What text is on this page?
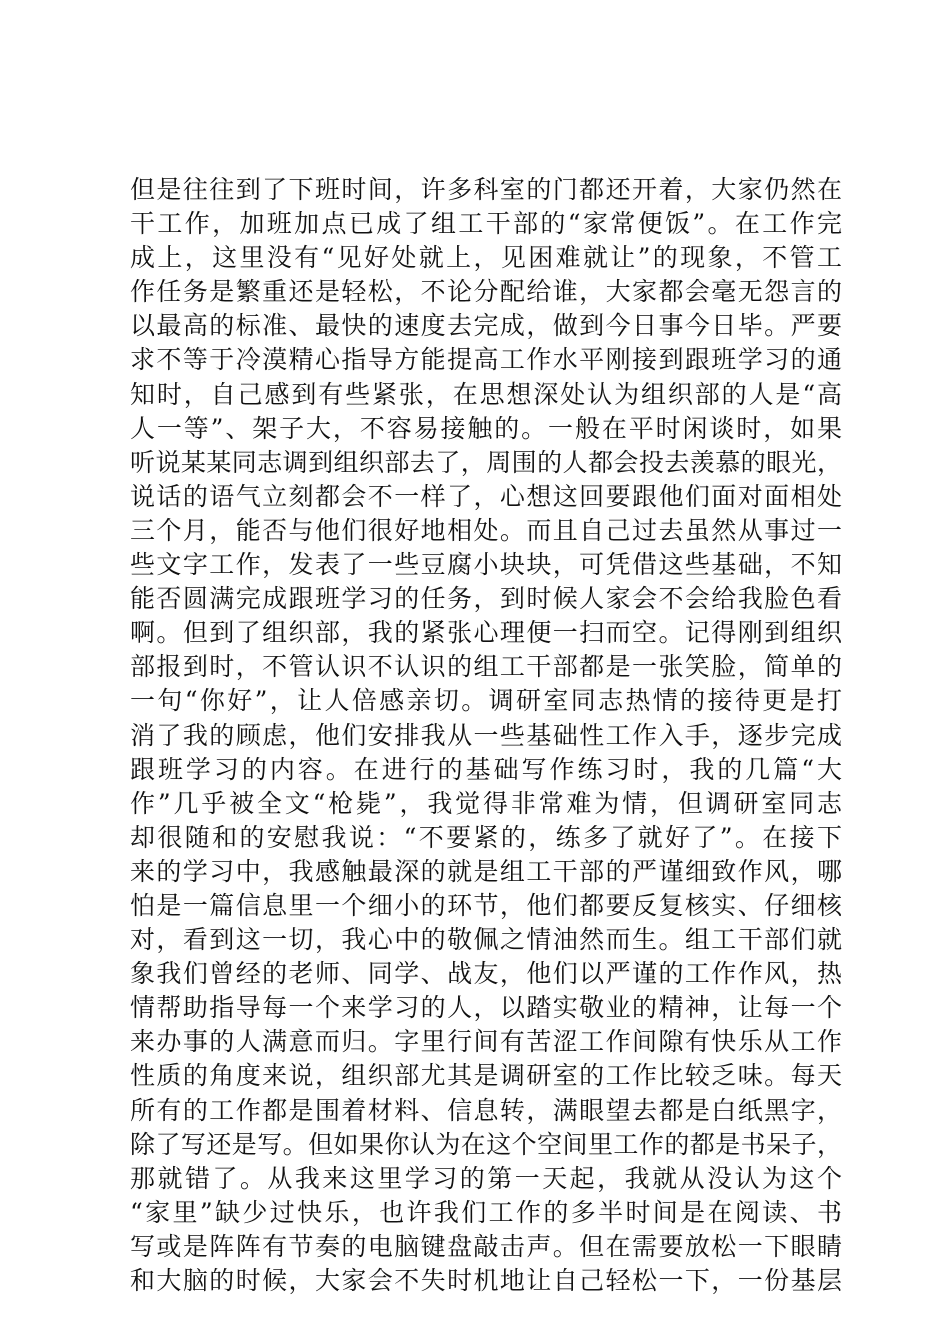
但是往往到了下班时间，许多科室的门都还开着，大家仍然在
干工作，加班加点已成了组工干部的“家常便饭”。在工作完
成上，这里没有“见好处就上，见困难就让”的现象，不管工
作任务是繁重还是轻松，不论分配给谁，大家都会毫无怨言的
以最高的标准、最快的速度去完成，做到今日事今日毕。严要
求不等于冷漠精心指导方能提高工作水平刚接到跟班学习的通
知时，自己感到有些紧张，在思想深处认为组织部的人是“高
人一等”、架子大，不容易接触的。一般在平时闲谈时，如果
听说某某同志调到组织部去了，周围的人都会投去羡慕的眼光，
说话的语气立刻都会不一样了，心想这回要跟他们面对面相处
三个月，能否与他们很好地相处。而且自己过去虽然从事过一
些文字工作，发表了一些豆腐小块块，可凭借这些基础，不知
能否圆满完成跟班学习的任务，到时候人家会不会给我脸色看
啊。但到了组织部，我的紧张心理便一扫而空。记得刚到组织
部报到时，不管认识不认识的组工干部都是一张笑脸，简单的
一句“你好”，让人倍感亲切。调研室同志热情的接待更是打
消了我的顾虑，他们安排我从一些基础性工作入手，逐步完成
跟班学习的内容。在进行的基础写作练习时，我的几篇“大
作”几乎被全文“枪毙”，我觉得非常难为情，但调研室同志
却很随和的安慰我说：“不要紧的，练多了就好了”。在接下
来的学习中，我感触最深的就是组工干部的严谨细致作风，哪
怕是一篇信息里一个细小的环节，他们都要反复核实、仔细核
对，看到这一切，我心中的敬佩之情油然而生。组工干部们就
象我们曾经的老师、同学、战友，他们以严谨的工作作风，热
情帮助指导每一个来学习的人，以踏实敬业的精神，让每一个
来办事的人满意而归。字里行间有苦涩工作间隙有快乐从工作
性质的角度来说，组织部尤其是调研室的工作比较乏味。每天
所有的工作都是围着材料、信息转，满眼望去都是白纸黑字，
除了写还是写。但如果你认为在这个空间里工作的都是书呆子，
那就错了。从我来这里学习的第一天起，我就从没认为这个
“家里”缺少过快乐，也许我们工作的多半时间是在阅读、书
写或是阵阵有节奏的电脑键盘敲击声。但在需要放松一下眼睛
和大脑的时候，大家会不失时机地让自己轻松一下，一份基层
